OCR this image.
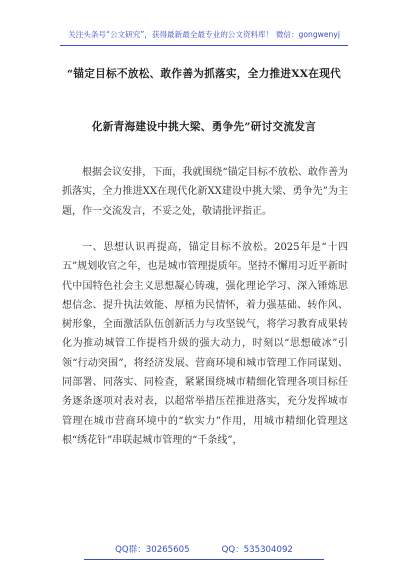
关注头条号“公文研究”，获得最新最全最专业的公文资料库！ 微信：gongwenyj
“锚定目标不放松、敢作善为抓落实，全力推进XX在现代
化新青海建设中挑大梁、勇争先”研讨交流发言

根据会议安排，下面，我就围绕“锚定目标不放松、敢作善为抓落实，全力推进XX在现代化新XX建设中挑大梁、勇争先”为主题，作一交流发言，不妥之处，敬请批评指正。

一、思想认识再提高，锚定目标不放松。2025年是“十四五”规划收官之年，也是城市管理提质年。坚持不懈用习近平新时代中国特色社会主义思想凝心铸魂，强化理论学习、深入锤炼思想信念、提升执法效能、厚植为民情怀，着力强基础、转作风、树形象，全面激活队伍创新活力与攻坚锐气，将学习教育成果转化为推动城管工作提档升级的强大动力，时刻以“思想破冰”引领“行动突围”，将经济发展、营商环境和城市管理工作同谋划、同部署、同落实、同检查，紧紧围绕城市精细化管理各项目标任务逐条逐项对表对表，以超常举措压茬推进落实，充分发挥城市管理在城市营商环境中的“软实力”作用，用城市精细化管理这根“绣花针”串联起城市管理的“千条线”，

QQ群：30265605	QQ：535304092
